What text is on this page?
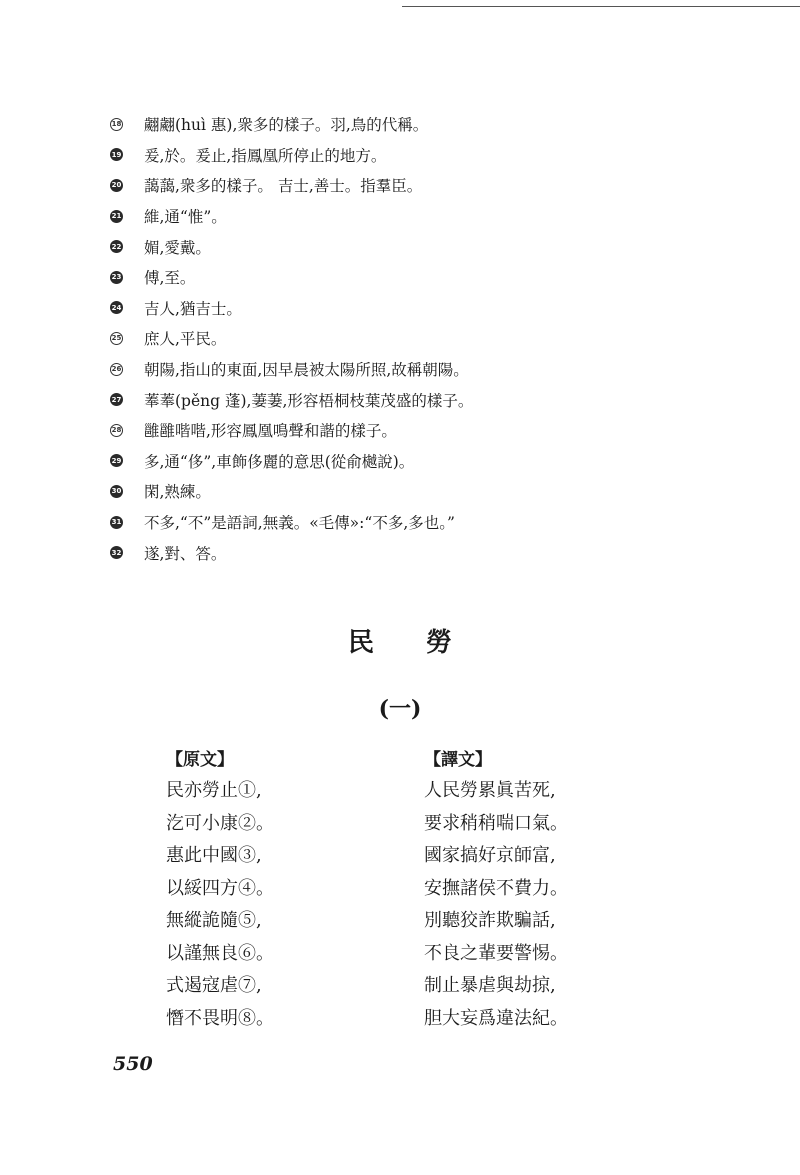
18 翽翽(huì 惠),衆多的樣子。羽,鳥的代稱。
19 爰,於。爰止,指鳳凰所停止的地方。
20 藹藹,衆多的樣子。 吉士,善士。指羣臣。
21 維,通“惟”。
22 媚,愛戴。
23 傅,至。
24 吉人,猶吉士。
25 庶人,平民。
26 朝陽,指山的東面,因早晨被太陽所照,故稱朝陽。
27 菶菶(pěng 蓬),萋萋,形容梧桐枝葉茂盛的樣子。
28 雝雝喈喈,形容鳳凰鳴聲和諧的樣子。
29 多,通“侈”,車飾侈麗的意思(從俞樾說)。
30 閑,熟練。
31 不多,“不”是語詞,無義。«毛傳»:“不多,多也。”
32 遂,對、答。
民勞
(一)
【原文】
民亦勞止①,
汔可小康②。
惠此中國③,
以綏四方④。
無縱詭隨⑤,
以謹無良⑥。
式遏寇虐⑦,
憯不畏明⑧。
【譯文】
人民勞累眞苦死,
要求稍稍喘口氣。
國家搞好京師富,
安撫諸侯不費力。
別聽狡詐欺騙話,
不良之輩要警惕。
制止暴虐與劫掠,
胆大妄爲違法紀。
550
